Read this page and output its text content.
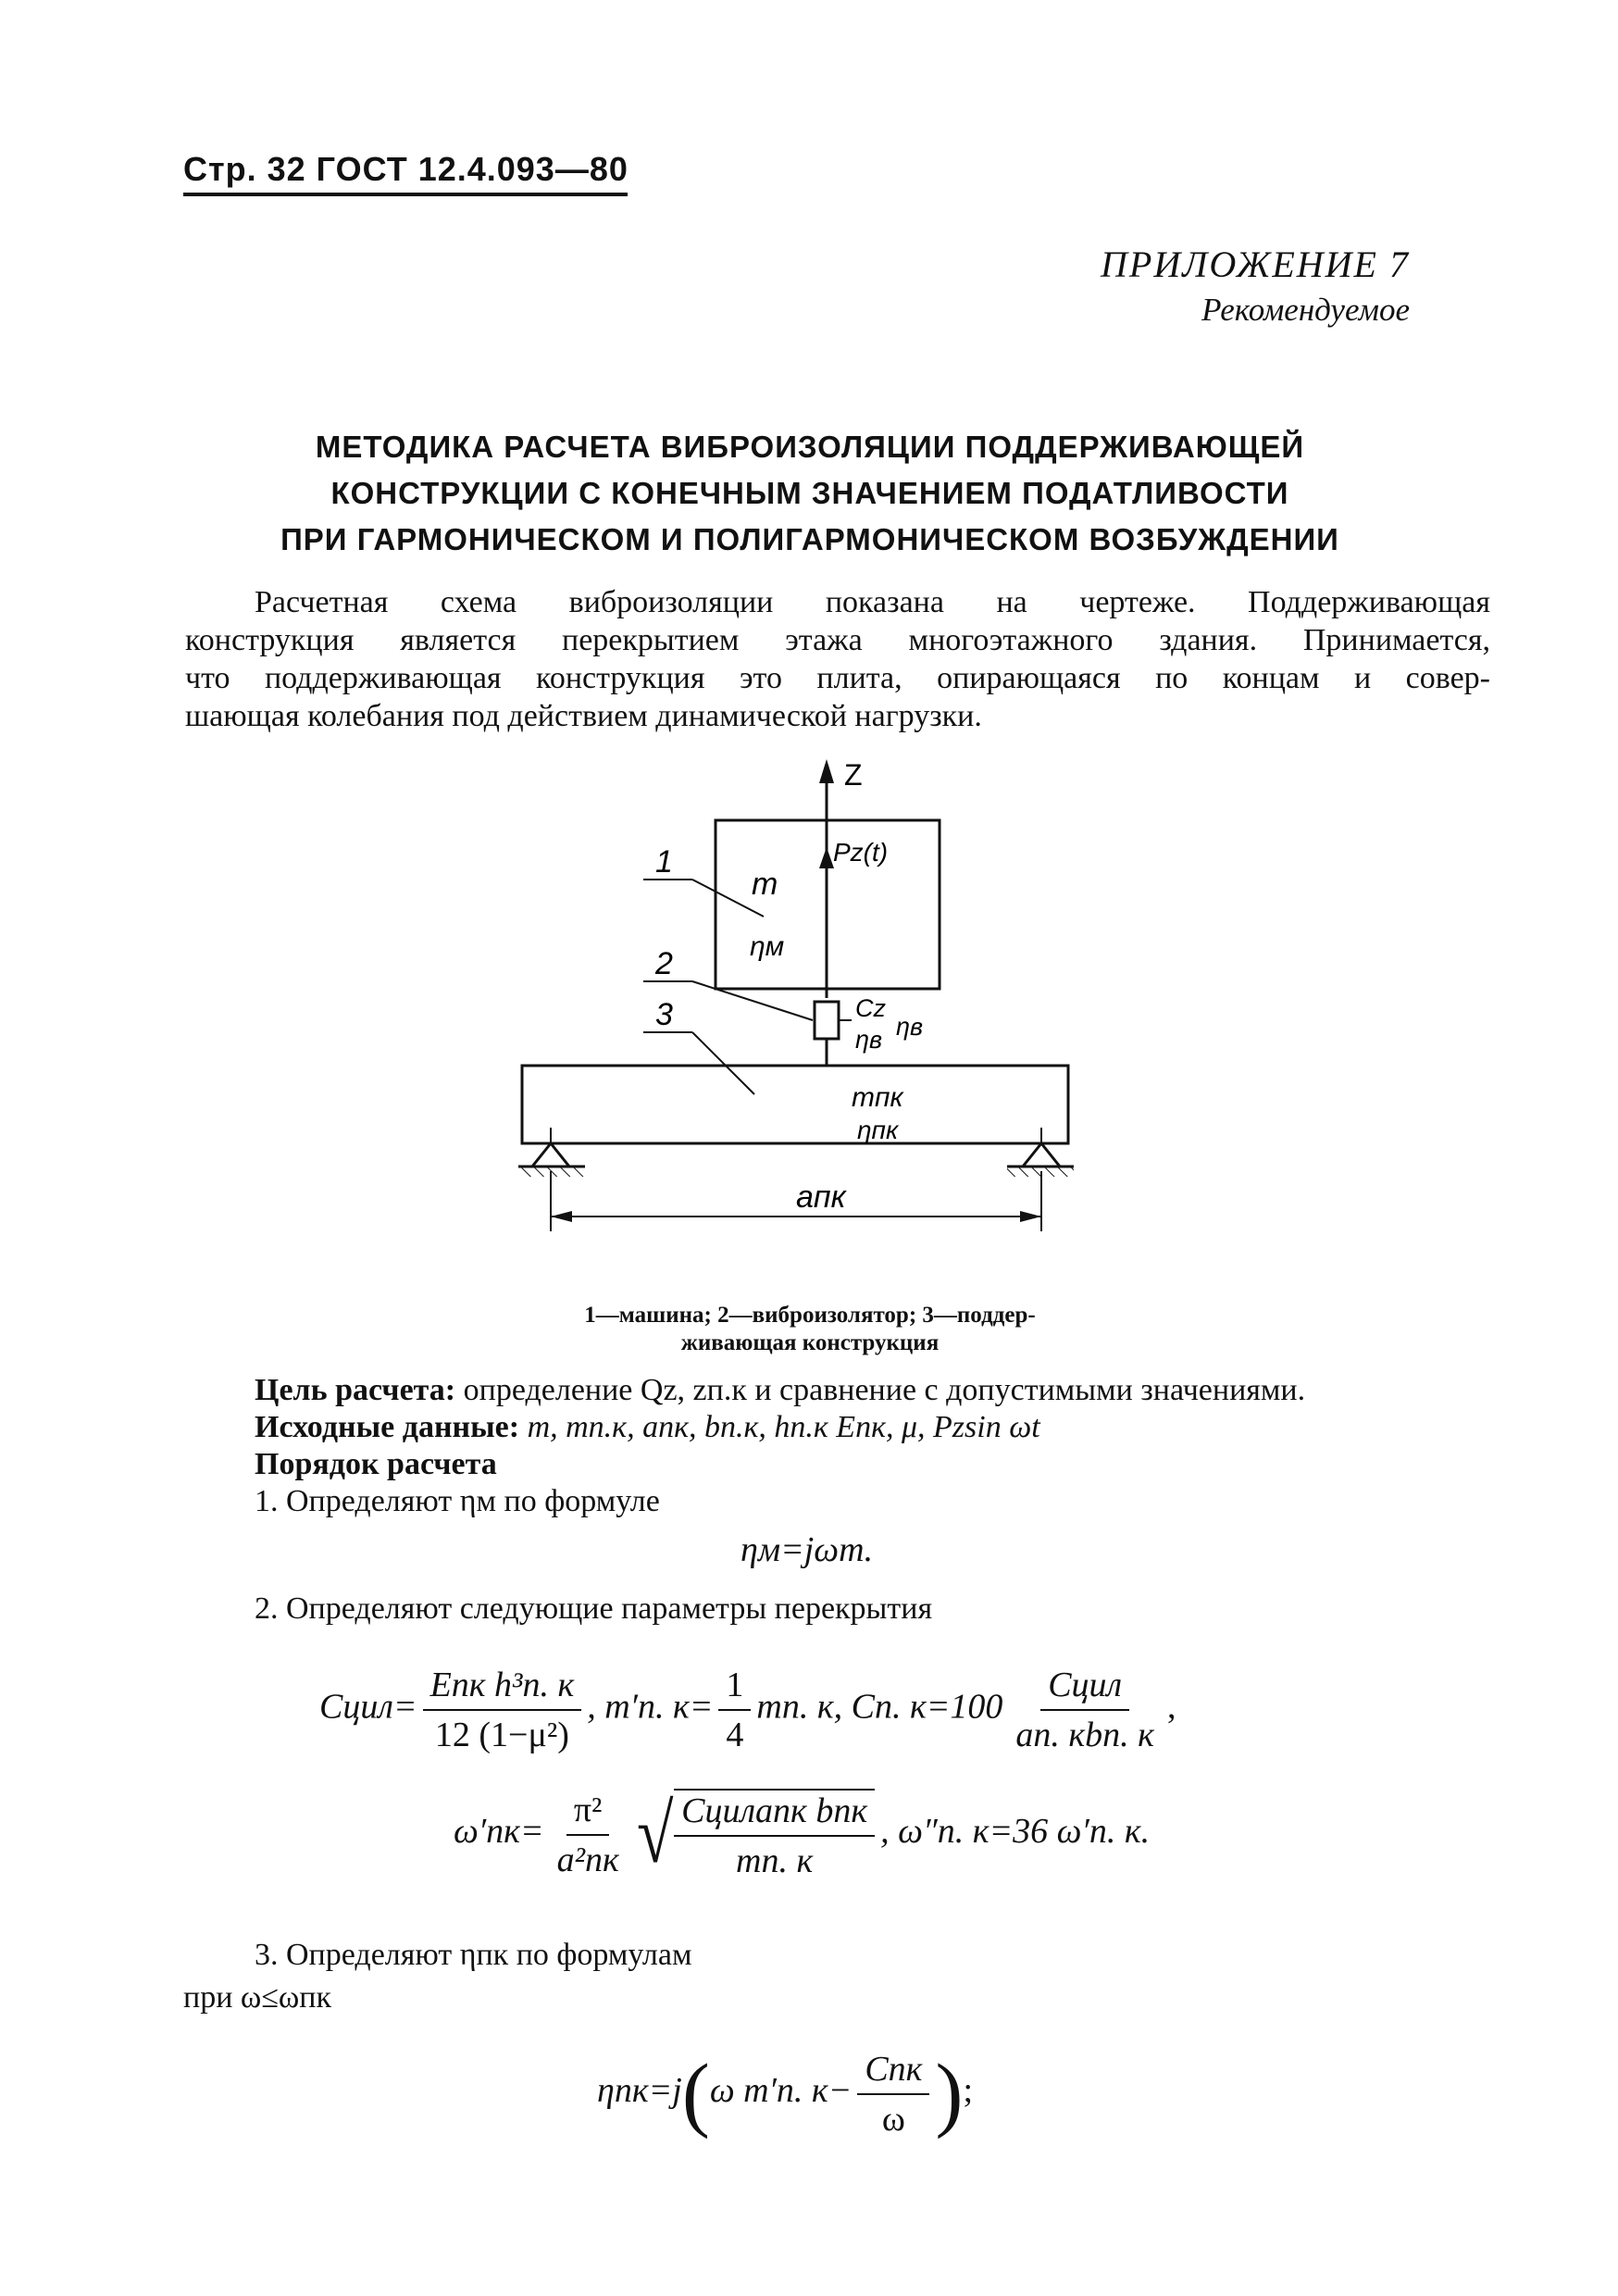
Стр. 32 ГОСТ 12.4.093—80
ПРИЛОЖЕНИЕ 7
Рекомендуемое
МЕТОДИКА РАСЧЕТА ВИБРОИЗОЛЯЦИИ ПОДДЕРЖИВАЮЩЕЙ
КОНСТРУКЦИИ С КОНЕЧНЫМ ЗНАЧЕНИЕМ ПОДАТЛИВОСТИ
ПРИ ГАРМОНИЧЕСКОМ И ПОЛИГАРМОНИЧЕСКОМ ВОЗБУЖДЕНИИ
Расчетная схема виброизоляции показана на чертеже. Поддерживающая
конструкция является перекрытием этажа многоэтажного здания. Принимается,
что поддерживающая конструкция это плита, опирающаяся по концам и совер-
шающая колебания под действием динамической нагрузки.
Z
Pz(t)
m
ηм
1
2
3	Cz
ηв ηв
mпк
ηпк
aпк
1—машина; 2—виброизолятор; 3—поддер-
живающая конструкция
Цель расчета: определение Qz, zп.к и сравнение с допустимыми значениями.
Исходные данные: m, mп.к, aпк, bп.к, hп.к Eпк, μ, Pzsin ωt
Порядок расчета
1. Определяют ηм по формуле
ηм=jωm.
2. Определяют следующие параметры перекрытия
Cцил= $\frac{\text{Eпк h³п. к}}{\text{12 (1−μ²)}}$ , m′п. $к= \frac{1}{4}$ mп. к, Cп. $к=100 \frac{\text{Cцил}}{\text{aп. кbп. к}}$ ,
$\omega'пк= \frac{\text{π²}}{\text{a²пк}}$ √ $\frac{\text{Cцилaпк bпк}}{mп. к}$ , ω″п. к=36 ω′п. к.
3. Определяют ηпк по формулам
при ω≤ωпк
ηпк=j(ω m′п. $к- \frac{\text{Cпк}}{\omega}$ );
